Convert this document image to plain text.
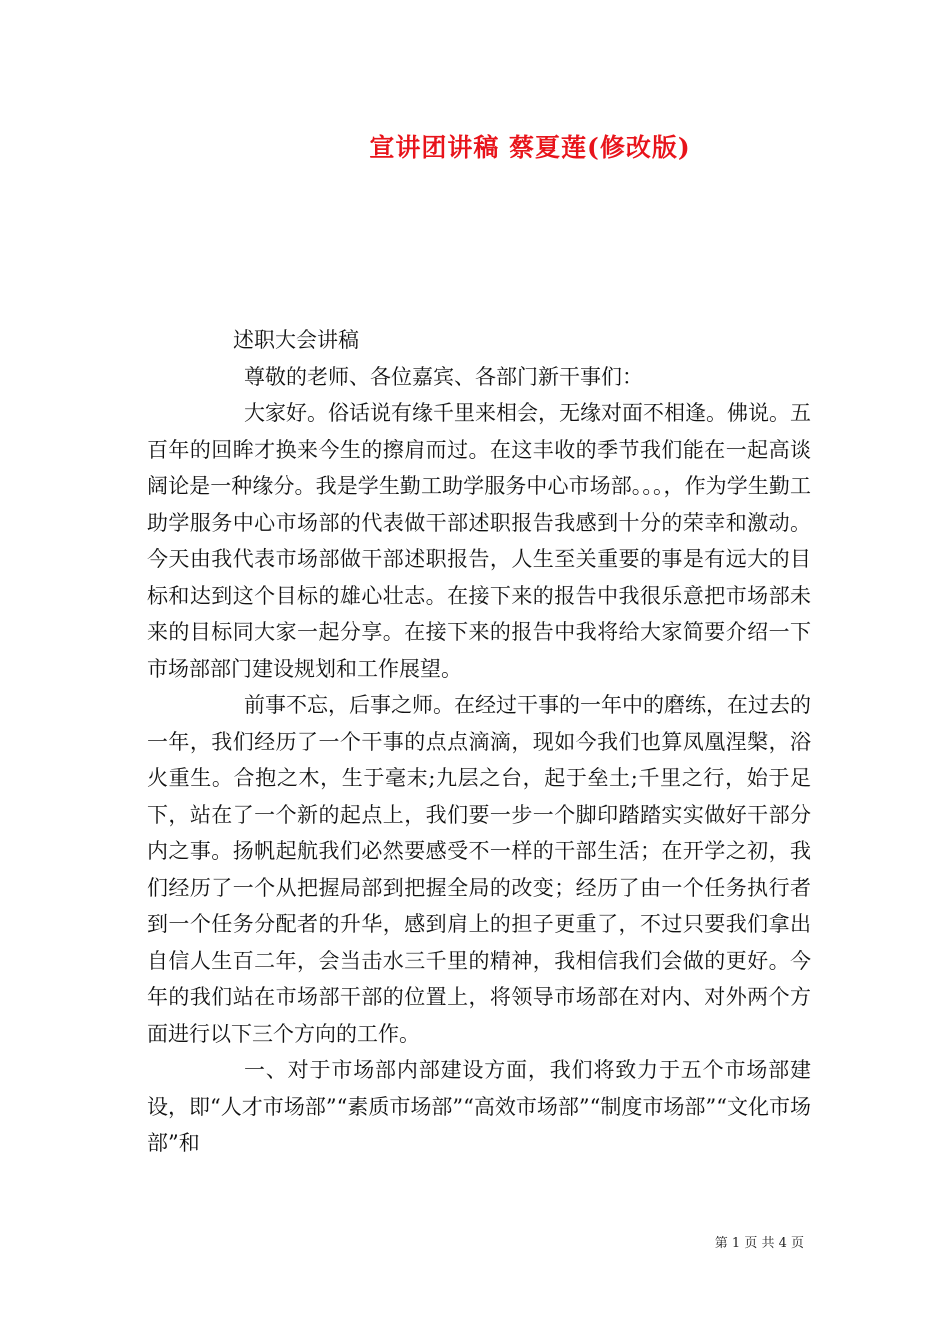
宣讲团讲稿 蔡夏莲(修改版)

述职大会讲稿

尊敬的老师、各位嘉宾、各部门新干事们：

大家好。俗话说有缘千里来相会，无缘对面不相逢。佛说。五百年的回眸才换来今生的擦肩而过。在这丰收的季节我们能在一起高谈阔论是一种缘分。我是学生勤工助学服务中心市场部。。。，作为学生勤工助学服务中心市场部的代表做干部述职报告我感到十分的荣幸和激动。今天由我代表市场部做干部述职报告，人生至关重要的事是有远大的目标和达到这个目标的雄心壮志。在接下来的报告中我很乐意把市场部未来的目标同大家一起分享。在接下来的报告中我将给大家简要介绍一下市场部部门建设规划和工作展望。

前事不忘，后事之师。在经过干事的一年中的磨练，在过去的一年，我们经历了一个干事的点点滴滴，现如今我们也算凤凰涅槃，浴火重生。合抱之木，生于毫末;九层之台，起于垒土;千里之行，始于足下，站在了一个新的起点上，我们要一步一个脚印踏踏实实做好干部分内之事。扬帆起航我们必然要感受不一样的干部生活；在开学之初，我们经历了一个从把握局部到把握全局的改变；经历了由一个任务执行者到一个任务分配者的升华，感到肩上的担子更重了，不过只要我们拿出自信人生百二年，会当击水三千里的精神，我相信我们会做的更好。今年的我们站在市场部干部的位置上，将领导市场部在对内、对外两个方面进行以下三个方向的工作。

一、对于市场部内部建设方面，我们将致力于五个市场部建设，即“人才市场部”“素质市场部”“高效市场部”“制度市场部”“文化市场部”和

第 1 页 共 4 页
